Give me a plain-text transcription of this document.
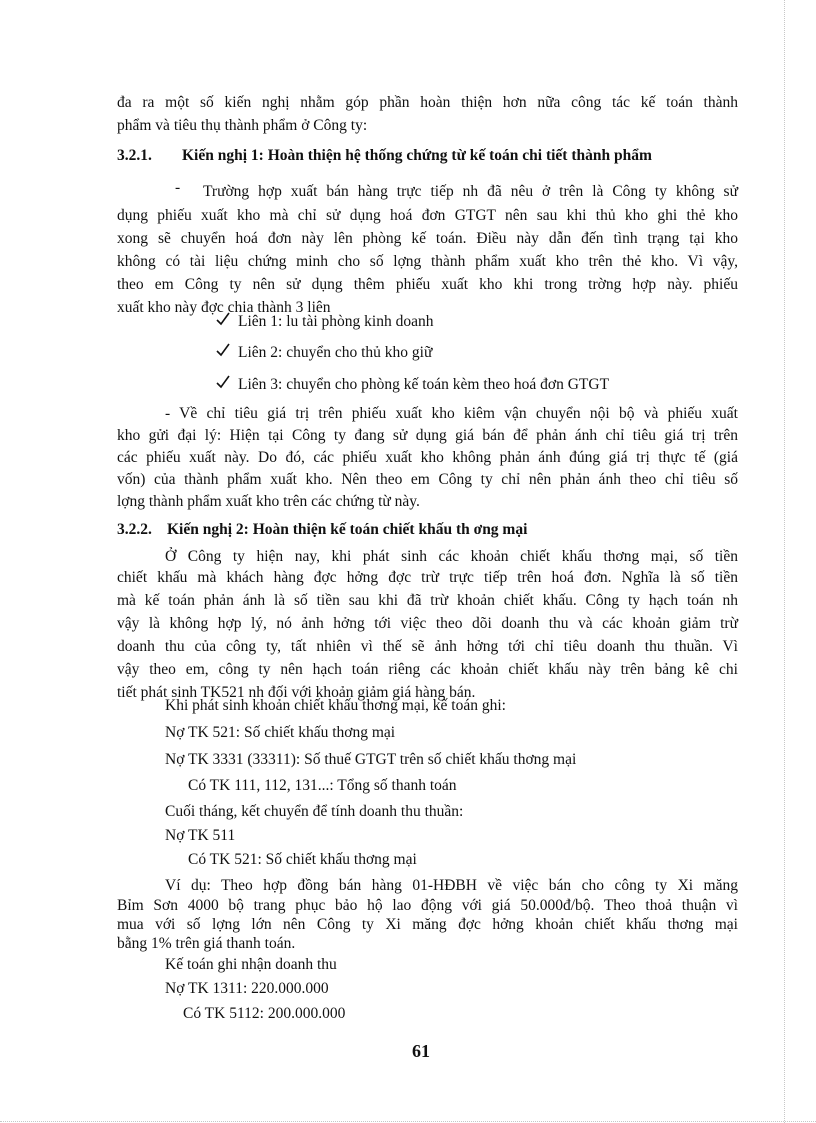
đa ra một số kiến nghị nhằm góp phần hoàn thiện hơn nữa công tác kế toán thành
phẩm và tiêu thụ thành phẩm ở Công ty:
3.2.1. Kiến nghị 1: Hoàn thiện hệ thống chứng từ kế toán chi tiết thành phẩm
- Trường hợp xuất bán hàng trực tiếp nh đã nêu ở trên là Công ty không sử
dụng phiếu xuất kho mà chỉ sử dụng hoá đơn GTGT nên sau khi thủ kho ghi thẻ kho
xong sẽ chuyển hoá đơn này lên phòng kế toán. Điều này dẫn đến tình trạng tại kho
không có tài liệu chứng minh cho số lợng thành phẩm xuất kho trên thẻ kho. Vì vậy,
theo em Công ty nên sử dụng thêm phiếu xuất kho khi trong trờng hợp này. phiếu
xuất kho này đợc chia thành 3 liên
Liên 1: lu tài phòng kinh doanh
Liên 2: chuyển cho thủ kho giữ
Liên 3: chuyển cho phòng kế toán kèm theo hoá đơn GTGT
- Về chỉ tiêu giá trị trên phiếu xuất kho kiêm vận chuyển nội bộ và phiếu xuất
kho gửi đại lý: Hiện tại Công ty đang sử dụng giá bán để phản ánh chỉ tiêu giá trị trên
các phiếu xuất này. Do đó, các phiếu xuất kho không phản ánh đúng giá trị thực tế (giá
vốn) của thành phẩm xuất kho. Nên theo em Công ty chỉ nên phản ánh theo chỉ tiêu số
lợng thành phẩm xuất kho trên các chứng từ này.
3.2.2. Kiến nghị 2: Hoàn thiện kế toán chiết khấu th ơng mại
Ở Công ty hiện nay, khi phát sinh các khoản chiết khấu thơng mại, số tiền
chiết khấu mà khách hàng đợc hởng đợc trừ trực tiếp trên hoá đơn. Nghĩa là số tiền
mà kế toán phản ánh là số tiền sau khi đã trừ khoản chiết khấu. Công ty hạch toán nh
vậy là không hợp lý, nó ảnh hởng tới việc theo dõi doanh thu và các khoản giảm trừ
doanh thu của công ty, tất nhiên vì thế sẽ ảnh hởng tới chỉ tiêu doanh thu thuần. Vì
vậy theo em, công ty nên hạch toán riêng các khoản chiết khấu này trên bảng kê chi
tiết phát sinh TK521 nh đối với khoản giảm giá hàng bán.
Khi phát sinh khoản chiết khấu thơng mại, kế toán ghi:
Nợ TK 521: Số chiết khấu thơng mại
Nợ TK 3331 (33311): Số thuế GTGT trên số chiết khấu thơng mại
Có TK 111, 112, 131...: Tổng số thanh toán
Cuối tháng, kết chuyển để tính doanh thu thuần:
Nợ TK 511
Có TK 521: Số chiết khấu thơng mại
Ví dụ: Theo hợp đồng bán hàng 01-HĐBH về việc bán cho công ty Xi măng
Bỉm Sơn 4000 bộ trang phục bảo hộ lao động với giá 50.000đ/bộ. Theo thoả thuận vì
mua với số lợng lớn nên Công ty Xi măng đợc hởng khoản chiết khấu thơng mại
bằng 1% trên giá thanh toán.
Kế toán ghi nhận doanh thu
Nợ TK 1311: 220.000.000
Có TK 5112: 200.000.000
61
